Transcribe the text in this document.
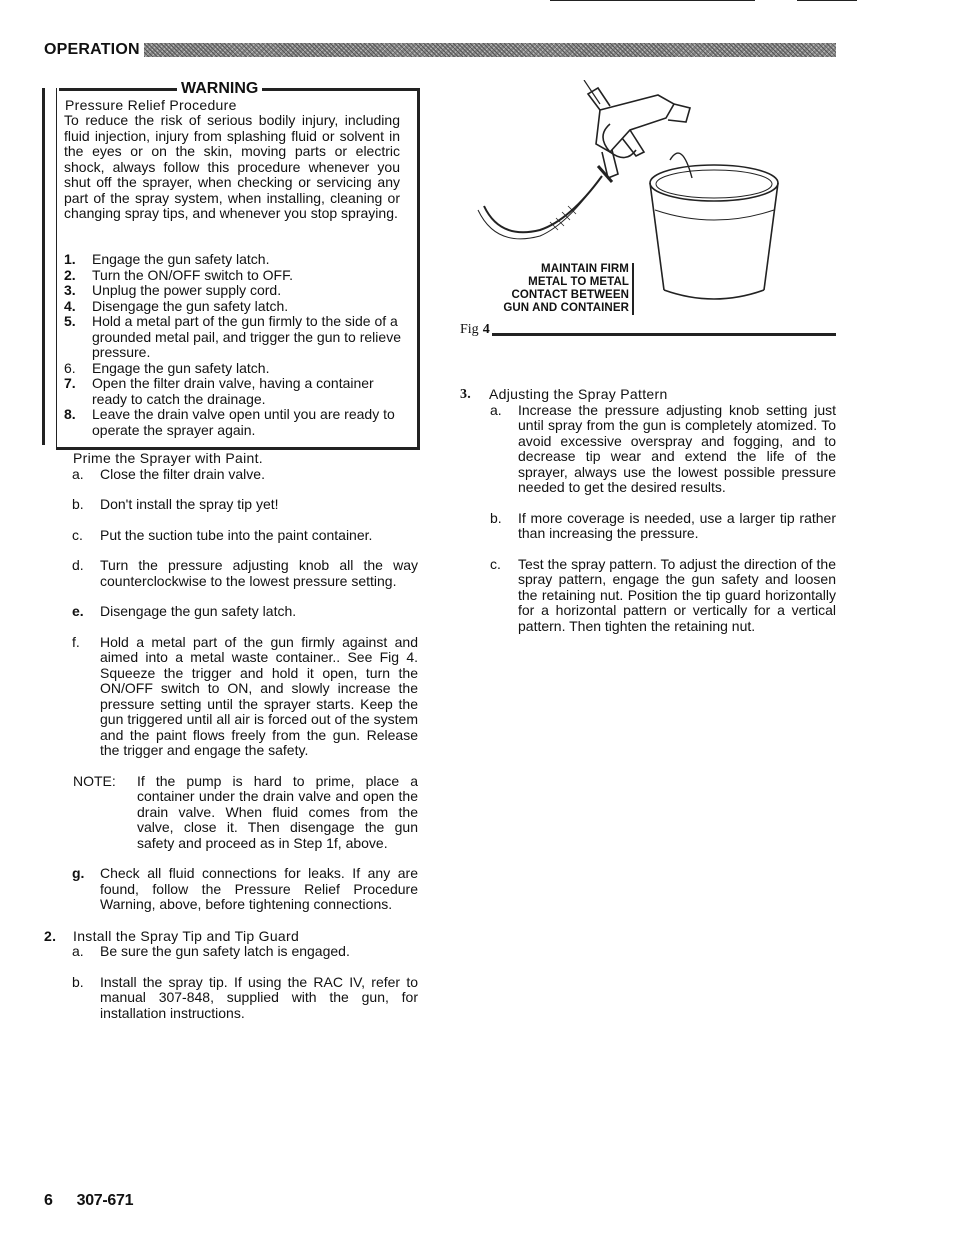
OPERATION
WARNING
Pressure Relief Procedure
To reduce the risk of serious bodily injury, including fluid injection, injury from splashing fluid or solvent in the eyes or on the skin, moving parts or electric shock, always follow this procedure whenever you shut off the sprayer, when checking or servicing any part of the spray system, when installing, cleaning or changing spray tips, and whenever you stop spraying.
1.	Engage the gun safety latch.
2.	Turn the ON/OFF switch to OFF.
3.	Unplug the power supply cord.
4.	Disengage the gun safety latch.
5.	Hold a metal part of the gun firmly to the side of a grounded metal pail, and trigger the gun to relieve pressure.
6.	Engage the gun safety latch.
7.	Open the filter drain valve, having a container ready to catch the drainage.
8.	Leave the drain valve open until you are ready to operate the sprayer again.
Prime the Sprayer with Paint.
a.	Close the filter drain valve.
b.	Don't install the spray tip yet!
c.	Put the suction tube into the paint container.
d.	Turn the pressure adjusting knob all the way counterclockwise to the lowest pressure setting.
e.	Disengage the gun safety latch.
f.	Hold a metal part of the gun firmly against and aimed into a metal waste container.. See Fig 4. Squeeze the trigger and hold it open, turn the ON/OFF switch to ON, and slowly increase the pressure setting until the sprayer starts. Keep the gun triggered until all air is forced out of the system and the paint flows freely from the gun. Release the trigger and engage the safety.
NOTE:	If the pump is hard to prime, place a container under the drain valve and open the drain valve. When fluid comes from the valve, close it. Then disengage the gun safety and proceed as in Step 1f, above.
g.	Check all fluid connections for leaks. If any are found, follow the Pressure Relief Procedure Warning, above, before tightening connections.
2.	Install the Spray Tip and Tip Guard
a.	Be sure the gun safety latch is engaged.
b.	Install the spray tip. If using the RAC IV, refer to manual 307-848, supplied with the gun, for installation instructions.
MAINTAIN FIRM
METAL TO METAL
CONTACT BETWEEN
GUN AND CONTAINER
Fig 4
3.	Adjusting the Spray Pattern
a.	Increase the pressure adjusting knob setting just until spray from the gun is completely atomized. To avoid excessive overspray and fogging, and to decrease tip wear and extend the life of the sprayer, always use the lowest possible pressure needed to get the desired results.
b.	If more coverage is needed, use a larger tip rather than increasing the pressure.
c.	Test the spray pattern. To adjust the direction of the spray pattern, engage the gun safety and loosen the retaining nut. Position the tip guard horizontally for a horizontal pattern or vertically for a vertical pattern. Then tighten the retaining nut.
6 307-671
